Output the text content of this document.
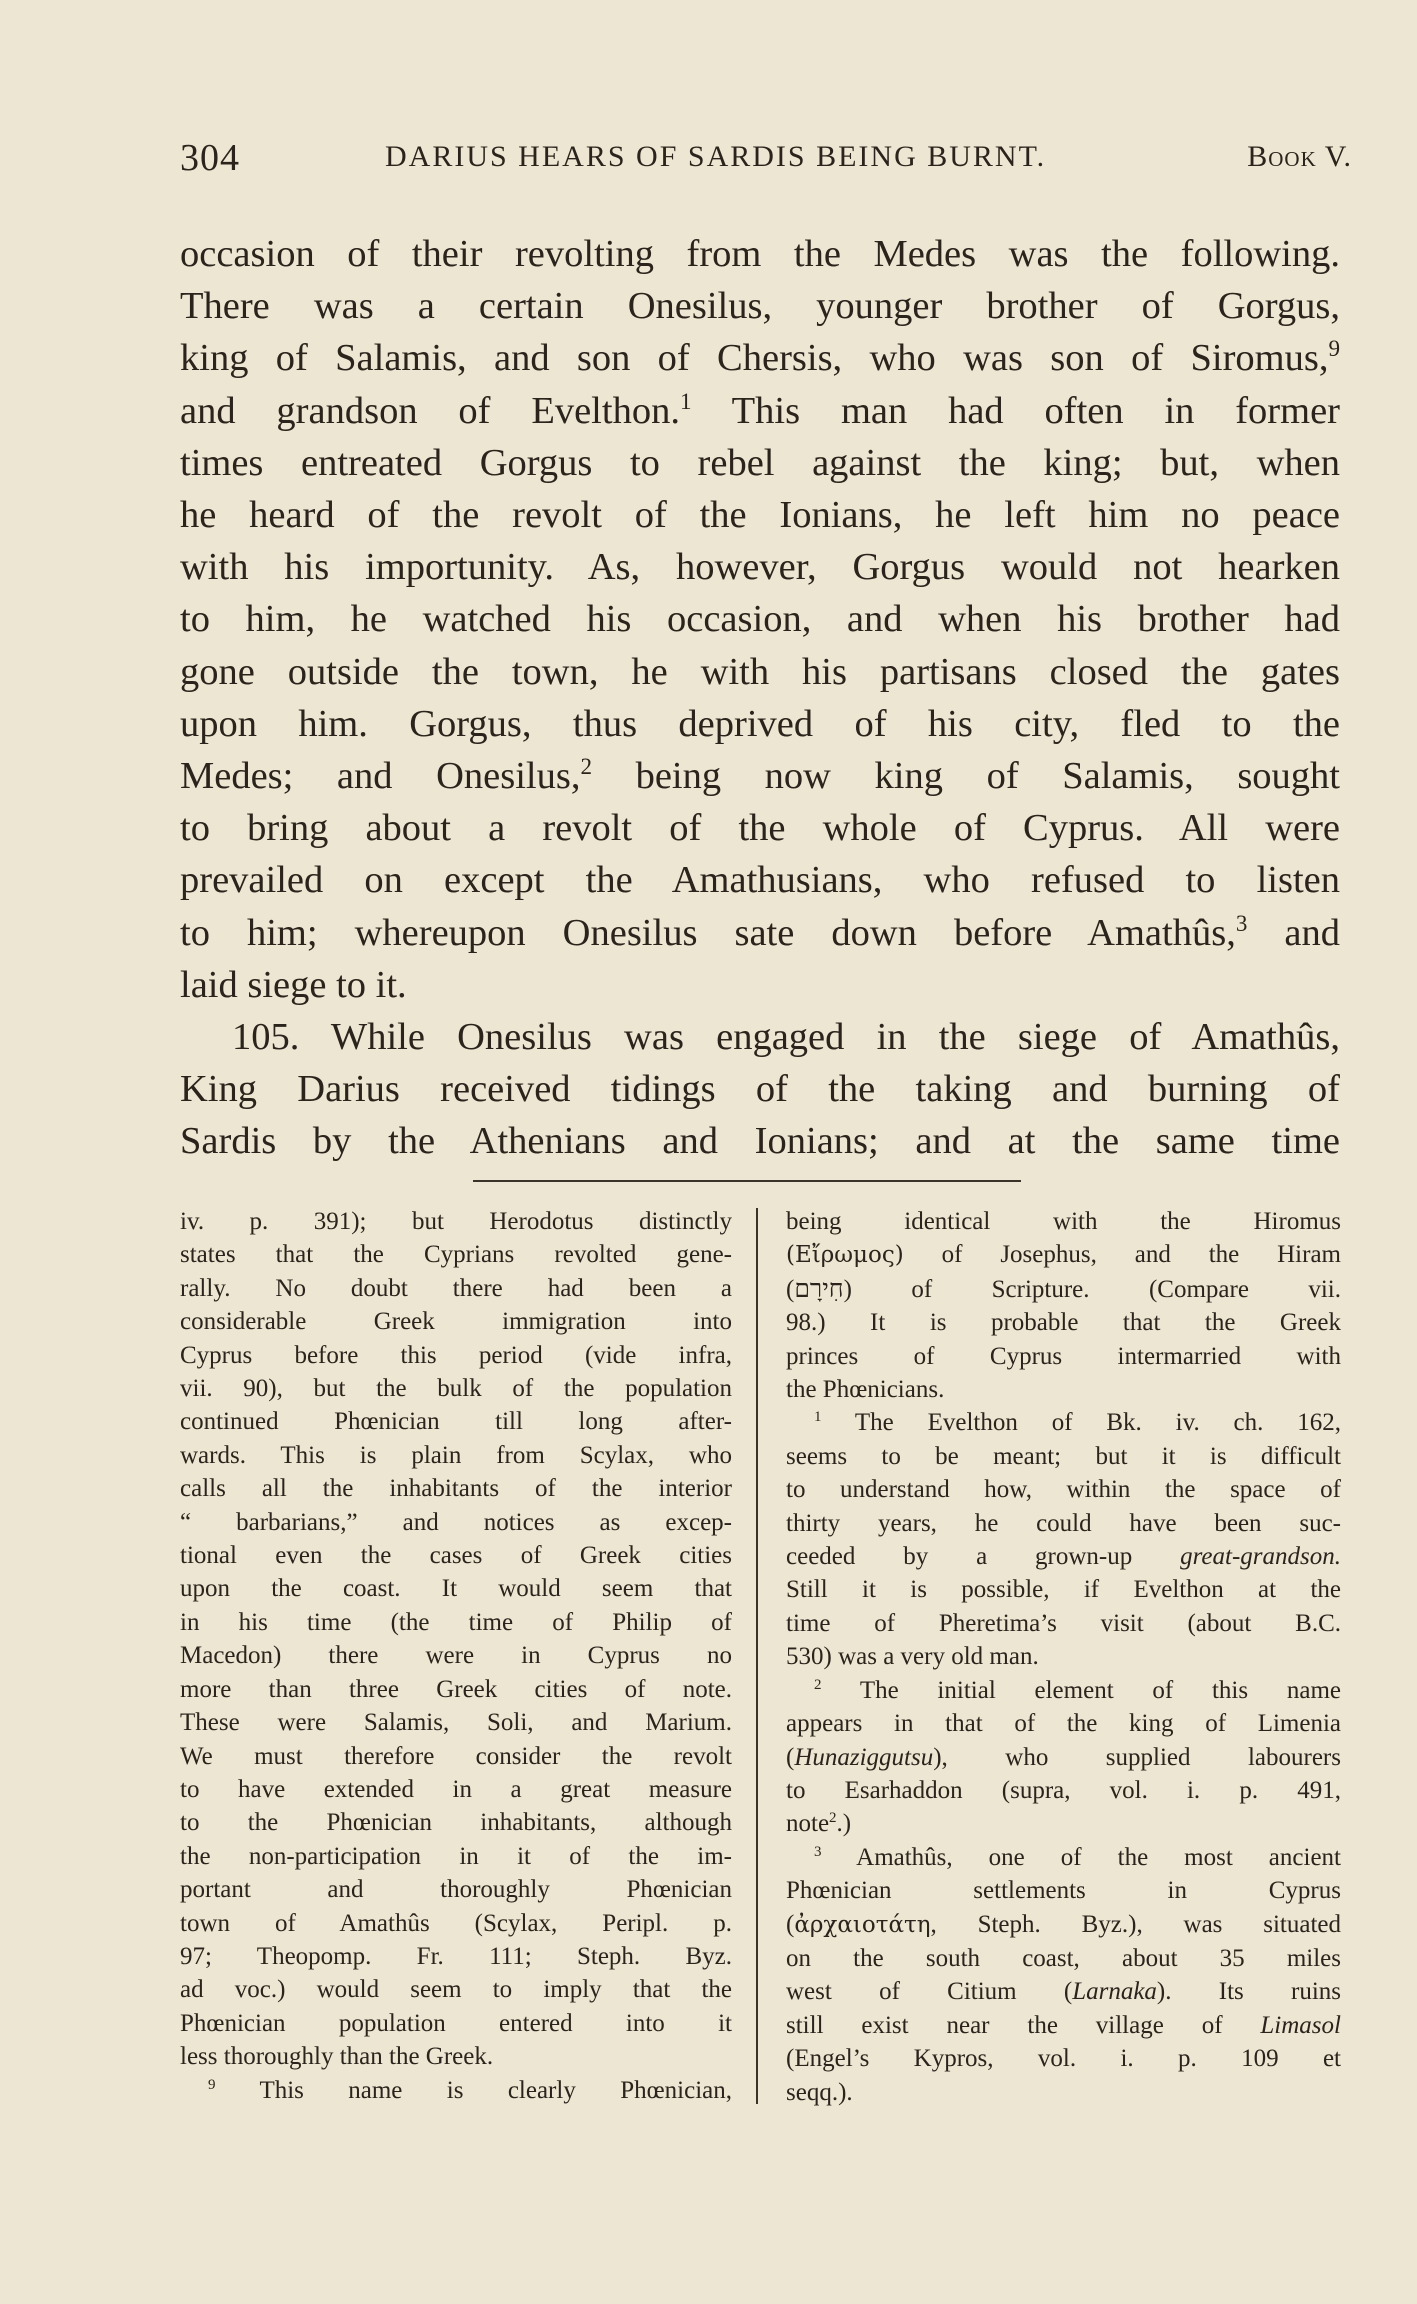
304	DARIUS HEARS OF SARDIS BEING BURNT.	Book V.
occasion of their revolting from the Medes was the following.
There was a certain Onesilus, younger brother of Gorgus,
king of Salamis, and son of Chersis, who was son of Siromus,$^9$
and grandson of Evelthon.$^1$ This man had often in former
times entreated Gorgus to rebel against the king; but, when
he heard of the revolt of the Ionians, he left him no peace
with his importunity. As, however, Gorgus would not hearken
to him, he watched his occasion, and when his brother had
gone outside the town, he with his partisans closed the gates
upon him. Gorgus, thus deprived of his city, fled to the
Medes; and Onesilus,$^2$ being now king of Salamis, sought
to bring about a revolt of the whole of Cyprus. All were
prevailed on except the Amathusians, who refused to listen
to him; whereupon Onesilus sate down before Amathûs,$^3$ and
laid siege to it.
105. While Onesilus was engaged in the siege of Amathûs,
King Darius received tidings of the taking and burning of
Sardis by the Athenians and Ionians; and at the same time
iv. p. 391); but Herodotus distinctly
states that the Cyprians revolted gene-
rally. No doubt there had been a
considerable Greek immigration into
Cyprus before this period (vide infra,
vii. 90), but the bulk of the population
continued Phœnician till long after-
wards. This is plain from Scylax, who
calls all the inhabitants of the interior
“ barbarians,” and notices as excep-
tional even the cases of Greek cities
upon the coast. It would seem that
in his time (the time of Philip of
Macedon) there were in Cyprus no
more than three Greek cities of note.
These were Salamis, Soli, and Marium.
We must therefore consider the revolt
to have extended in a great measure
to the Phœnician inhabitants, although
the non-participation in it of the im-
portant and thoroughly Phœnician
town of Amathûs (Scylax, Peripl. p.
97; Theopomp. Fr. 111; Steph. Byz.
ad voc.) would seem to imply that the
Phœnician population entered into it
less thoroughly than the Greek.
$^9$ This name is clearly Phœnician,
being identical with the Hiromus
(Εἴρωμος) of Josephus, and the Hiram
(חִירָם) of Scripture. (Compare vii.
98.) It is probable that the Greek
princes of Cyprus intermarried with
the Phœnicians.
$^1$ The Evelthon of Bk. iv. ch. 162,
seems to be meant; but it is difficult
to understand how, within the space of
thirty years, he could have been suc-
ceeded by a grown-up great-grandson.
Still it is possible, if Evelthon at the
time of Pheretima’s visit (about B.C.
530) was a very old man.
$^2$ The initial element of this name
appears in that of the king of Limenia
(Hunaziggutsu), who supplied labourers
to Esarhaddon (supra, vol. i. p. 491,
note$^2$.)
$^3$ Amathûs, one of the most ancient
Phœnician settlements in Cyprus
(ἀρχαιοτάτη, Steph. Byz.), was situated
on the south coast, about 35 miles
west of Citium (Larnaka). Its ruins
still exist near the village of Limasol
(Engel’s Kypros, vol. i. p. 109 et
seqq.).
